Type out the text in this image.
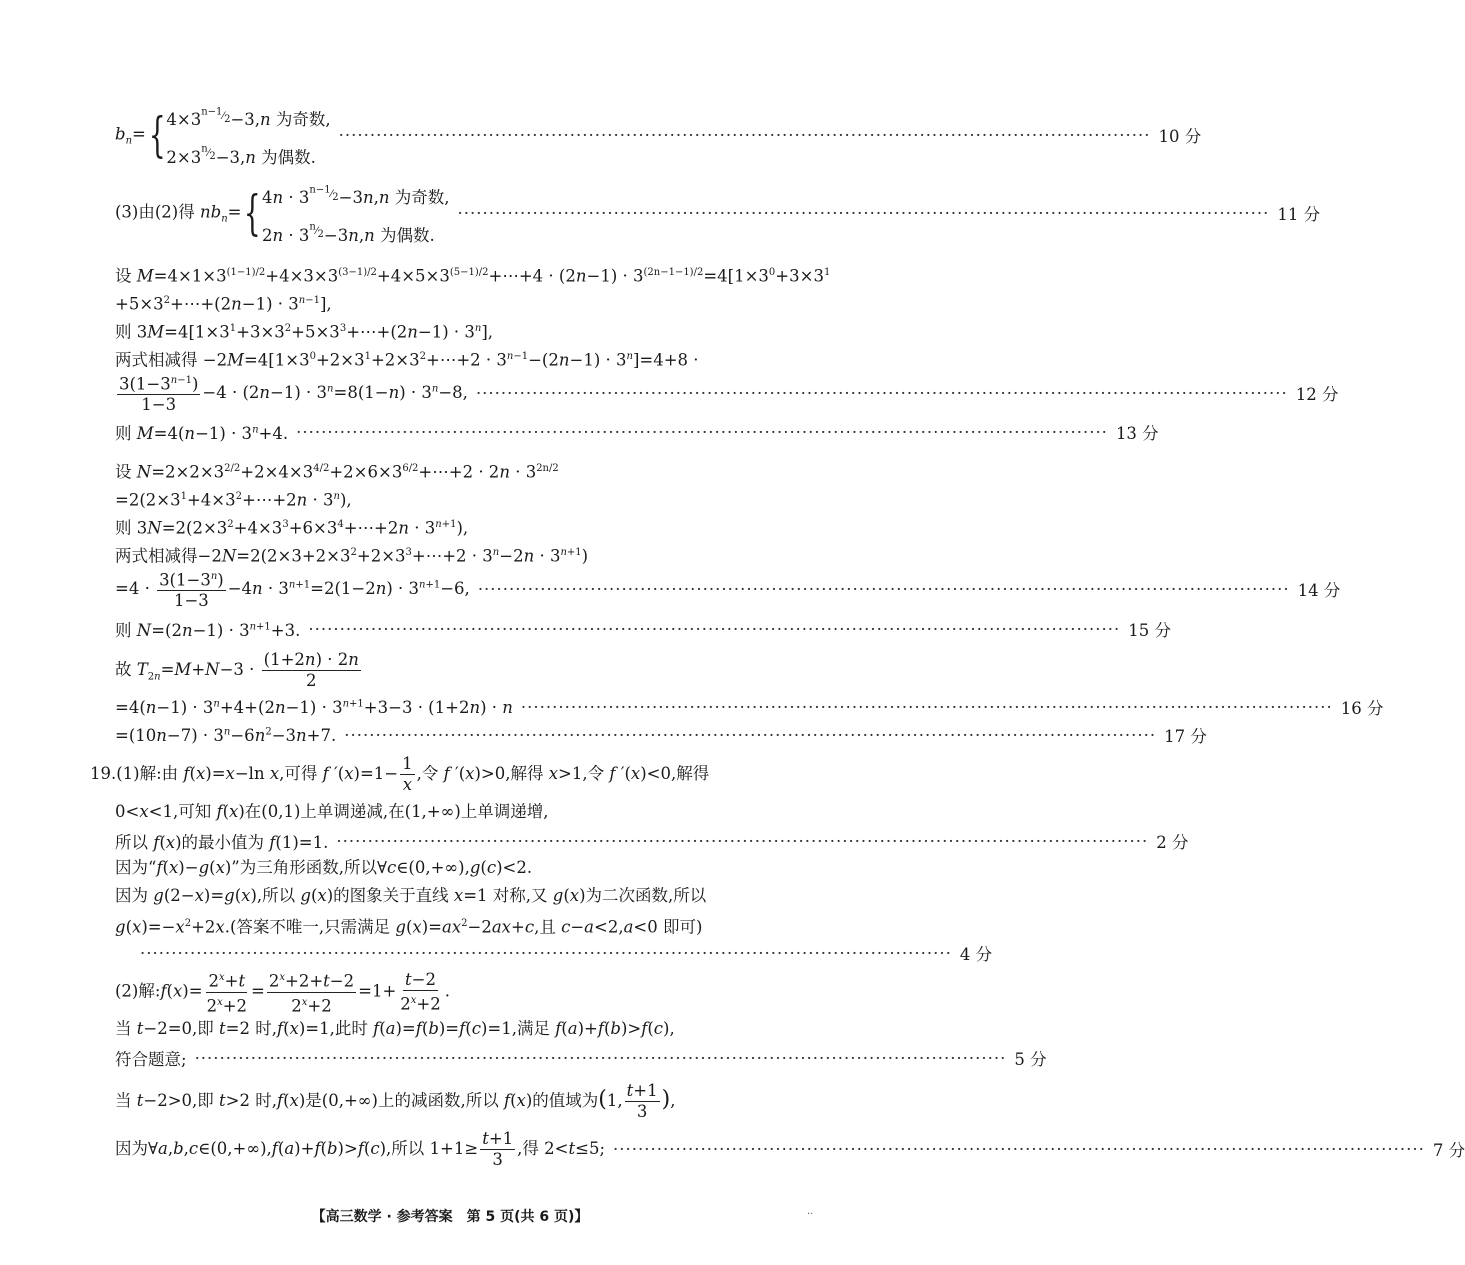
$b_n=${ $4\times 3^{^{n-1}⁄_2}-3,n$ 为奇数,
$2\times 3^{^n⁄_2}-3,n$ 为偶数.
·································································································································· 10 分
(3)由(2)得 $nb_n=${ $4n \cdot 3^{^{n-1}⁄_2}-3n,n$ 为奇数,
$2n \cdot 3^{^n⁄_2}-3n,n$ 为偶数.
·································································································································· 11 分
设 $M=4\times 1\times 3^{(1-1)/2}+4\times 3\times 3^{(3-1)/2}+4\times 5\times 3^{(5-1)/2}+\cdots+4 \cdot (2n-1) \cdot 3^{(2n-1-1)/2}=4[1\times 3^0+3\times 3^1$
$+5\times 3^2+\cdots+(2n-1) \cdot 3^{n-1}$],
则 $3M=4[1\times 3^1+3\times 3^2+5\times 3^3+\cdots+(2n-1) \cdot 3^n]$,
两式相减得 $-2M=4[1\times 3^0+2\times 3^1+2\times 3^2+\cdots+2 \cdot 3^{n-1}-(2n-1) \cdot 3^n]=4+8$ ·
$\frac{3(1-3^{n-1})}{1-3} -4 \cdot (2n-1) \cdot 3^n=8(1-n) \cdot 3^n-8$, ·································································································································· 12 分
则 $M=4(n-1) \cdot 3^n+4$. ·································································································································· 13 分
设 $N=2\times 2\times 3^{2/2}+2\times 4\times 3^{4/2}+2\times 6\times 3^{6/2}+\cdots+2 \cdot 2n \cdot 3^{2n/2}$
$=2(2\times 3^1+4\times 3^2+\cdots+2n \cdot 3^n)$,
则 $3N=2(2\times 3^2+4\times 3^3+6\times 3^4+\cdots+2n \cdot 3^{n+1})$,
两式相减得$-2N=2(2\times 3+2\times 3^2+2\times 3^3+\cdots+2 \cdot 3^n-2n \cdot 3^{n+1})$
$=4 \cdot \frac{3(1-3^n)}{1-3} -4n \cdot 3^{n+1}=2(1-2n) \cdot 3^{n+1}-6$, ·································································································································· 14 分
则 $N=(2n-1) \cdot 3^{n+1}+3$. ·································································································································· 15 分
故 $T_{2n}=M+N-3 \cdot \frac{(1+2n) \cdot 2n}{2}$
$=4(n-1) \cdot 3^n+4+(2n-1) \cdot 3^{n+1}+3-3 \cdot (1+2n) \cdot n$ ·································································································································· 16 分
$=(10n-7) \cdot 3^n-6n^2-3n+7$. ·································································································································· 17 分
19.(1)解:由 f(x)=x−ln x,可得 f $'(x)=1- \frac{1}{x}$ ,令 f ′(x)>0,解得 x>1,令 f ′(x)<0,解得
0<x<1,可知 f(x)在(0,1)上单调递减,在(1,+∞)上单调递增,
所以 f(x)的最小值为 f(1)=1. ·································································································································· 2 分
因为“f(x)−g(x)”为三角形函数,所以∀c∈(0,+∞),g(c)<2.
因为 g(2−x)=g(x),所以 g(x)的图象关于直线 x=1 对称,又 g(x)为二次函数,所以
$g(x)=-x^2+2x$.(答案不唯一,只需满足 $g(x)=ax^2-2ax+c$,且 c−a<2,a<0 即可)
·································································································································· 4 分
(2)解:f(x)= $\frac{2^x+t}{2^x+2} = \frac{2^x+2+t-2}{2^x+2} =1+ \frac{t-2}{2^x+2}$ .
当 t−2=0,即 t=2 时,f(x)=1,此时 f(a)=f(b)=f(c)=1,满足 f(a)+f(b)>f(c),
符合题意; ·································································································································· 5 分
当 t−2>0,即 t>2 时,f(x)是(0,+∞)上的减函数,所以 f(x)的值域为(1, $\frac{t+1}{3}$ ),
因为∀a,b,c∈(0,+∞),f(a)+f(b)>f(c),所以 $1+1\ge \frac{t+1}{3}$ ,得 2<t≤5; ·································································································································· 7 分
【高三数学 · 参考答案　第 5 页(共 6 页)】	..
